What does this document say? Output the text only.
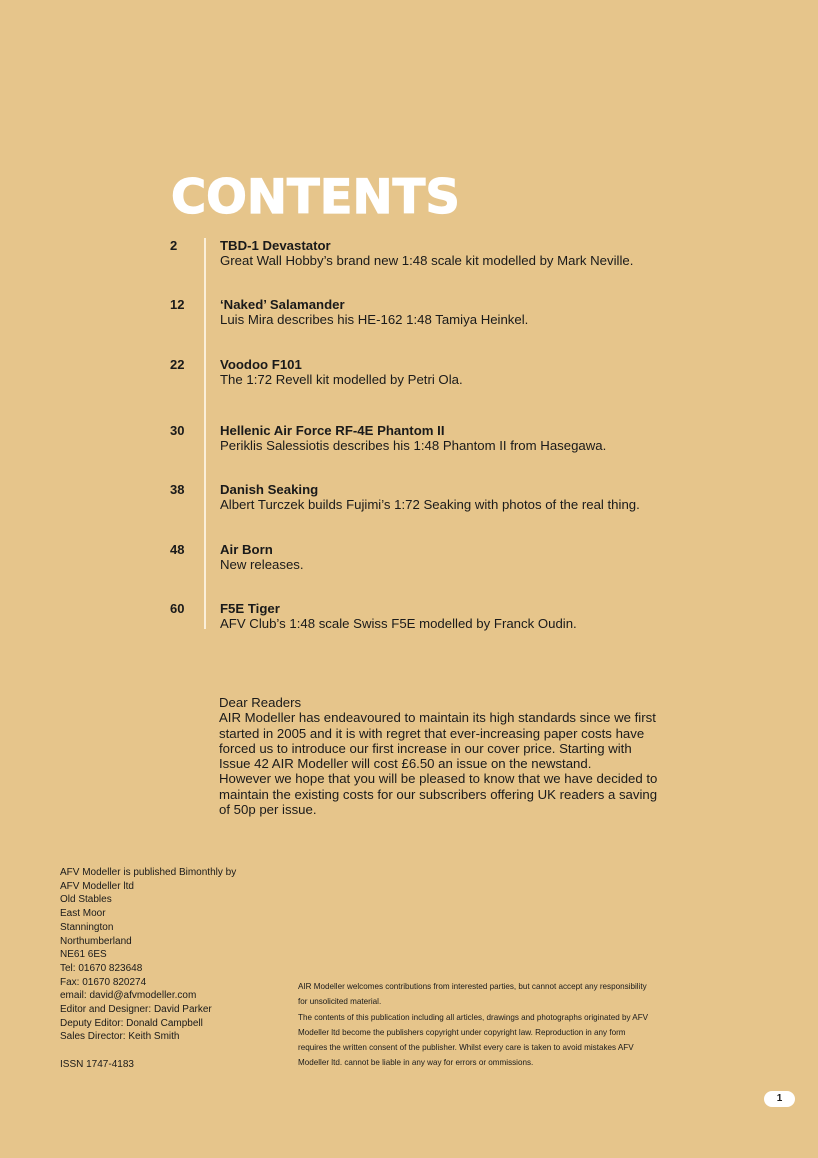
CONTENTS
2	TBD-1 Devastator
Great Wall Hobby’s brand new 1:48 scale kit modelled by Mark Neville.
12	‘Naked’ Salamander
Luis Mira describes his HE-162 1:48 Tamiya Heinkel.
22	Voodoo F101
The 1:72 Revell kit modelled by Petri Ola.
30	Hellenic Air Force RF-4E Phantom II
Periklis Salessiotis describes his 1:48 Phantom II from Hasegawa.
38	Danish Seaking
Albert Turczek builds Fujimi’s 1:72 Seaking with photos of the real thing.
48	Air Born
New releases.
60	F5E Tiger
AFV Club’s 1:48 scale Swiss F5E modelled by Franck Oudin.

Dear Readers

AIR Modeller has endeavoured to maintain its high standards since we first

started in 2005 and it is with regret that ever-increasing paper costs have

forced us to introduce our first increase in our cover price. Starting with

Issue 42 AIR Modeller will cost £6.50 an issue on the newstand.

However we hope that you will be pleased to know that we have decided to

maintain the existing costs for our subscribers offering UK readers a saving

of 50p per issue.

AFV Modeller is published Bimonthly by
AFV Modeller ltd
Old Stables
East Moor
Stannington
Northumberland
NE61 6ES
Tel: 01670 823648
Fax: 01670 820274
email: david@afvmodeller.com
Editor and Designer: David Parker
Deputy Editor: Donald Campbell
Sales Director: Keith Smith
ISSN 1747-4183
AIR Modeller welcomes contributions from interested parties, but cannot accept any responsibility
for unsolicited material.
The contents of this publication including all articles, drawings and photographs originated by AFV
Modeller ltd become the publishers copyright under copyright law. Reproduction in any form
requires the written consent of the publisher. Whilst every care is taken to avoid mistakes AFV
Modeller ltd. cannot be liable in any way for errors or ommissions.
1
